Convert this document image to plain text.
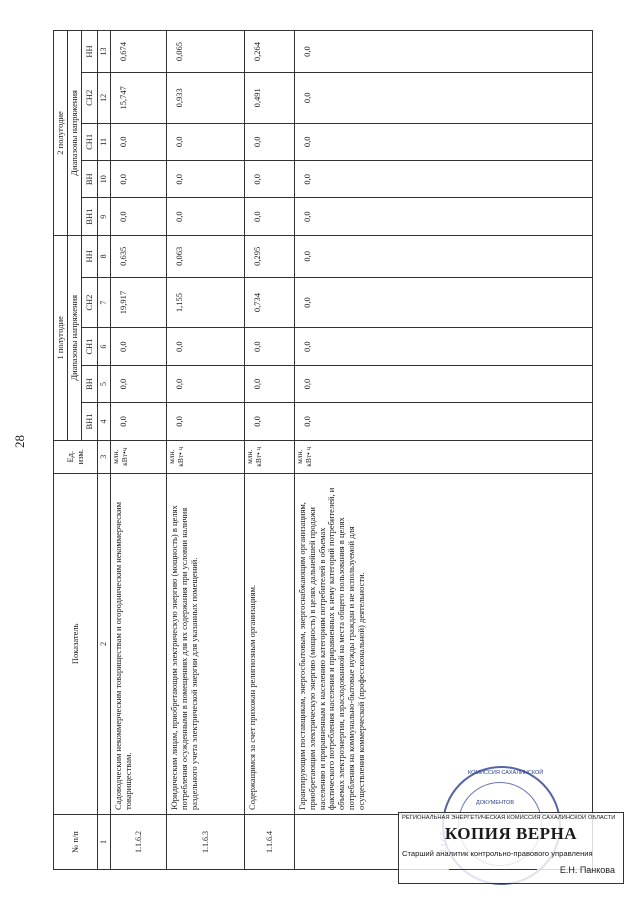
28
№ п/п	Показатель	Ед. изм.	1 полугодие					2 полугодие				
			Диапазоны напряжения					Диапазоны напряжения				
			ВН1	ВН	СН1	СН2	НН	ВН1	ВН	СН1	СН2	НН
1	2	3	4	5	6	7	8	9	10	11	12	13
1.1.6.2	Садоводческим некоммерческим товариществам и огородническим некоммерческим товариществам.	млн. кВт•ч	0,0	0,0	0,0	19,917	0,635	0,0	0,0	0,0	15,747	0,674
1.1.6.3	Юридическим лицам, приобретающим электрическую энергию (мощность) в целях потребления осужденными в помещениях для их содержания при условии наличия раздельного учета электрической энергии для указанных помещений.	млн. кВт• ч	0,0	0,0	0,0	1,155	0,063	0,0	0,0	0,0	0,933	0,065
1.1.6.4	Содержащимся за счет прихожан религиозным организациям.	млн. кВт• ч	0,0	0,0	0,0	0,734	0,295	0,0	0,0	0,0	0,491	0,264
	Гарантирующим поставщикам, энергосбытовым, энергоснабжающим организациям, приобретающим электрическую энергию (мощность) в целях дальнейшей продажи населению и приравненным к населению категориям потребителей в объемах фактического потребления населения и приравненных к нему категорий потребителей, и объемах электроэнергии, израсходованной на места общего пользования в целях потребления на коммунально-бытовые нужды граждан и не используемой для осуществления коммерческой (профессиональной) деятельности.	млн. кВт• ч	0,0	0,0	0,0	0,0	0,0	0,0	0,0	0,0	0,0	0,0
КОМИССИЯ САХАЛИНСКОЙ
ДОКУМЕНТОВ
РЕГИОНАЛЬНАЯ ЭНЕРГЕТИЧЕСКАЯ КОМИССИЯ САХАЛИНСКОЙ ОБЛАСТИ
КОПИЯ ВЕРНА
Старший аналитик контрольно-правового управления
Е.Н. Панкова
